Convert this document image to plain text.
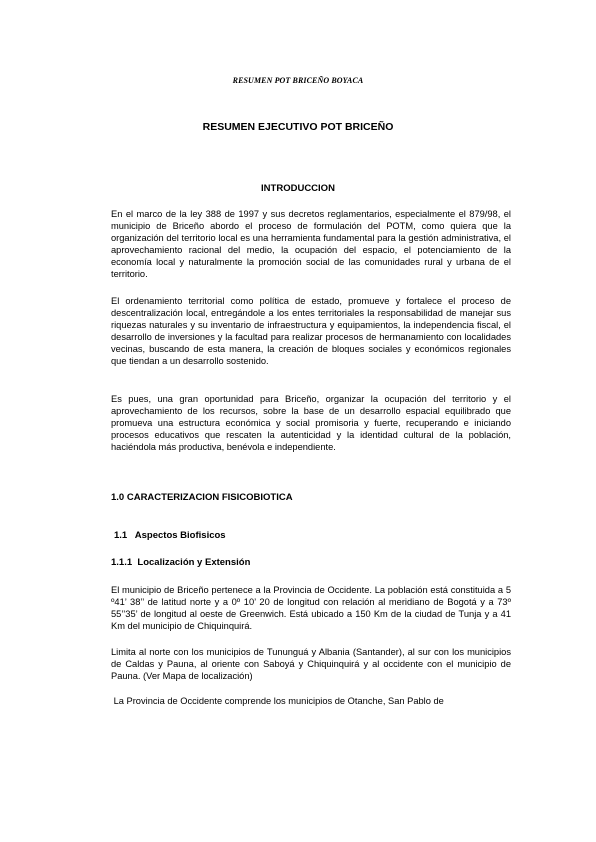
RESUMEN POT BRICEÑO BOYACA
RESUMEN EJECUTIVO POT BRICEÑO
INTRODUCCION

En el marco de la ley 388 de 1997 y sus decretos reglamentarios, especialmente el 879/98, el municipio de Briceño abordo el proceso de formulación del POTM, como quiera que la organización del territorio local es una herramienta fundamental para la gestión administrativa, el aprovechamiento racional del medio, la ocupación del espacio, el potenciamiento de la economía local y naturalmente la promoción social de las comunidades rural y urbana de el territorio.

El ordenamiento territorial como política de estado, promueve y fortalece el proceso de descentralización local, entregándole a los entes territoriales la responsabilidad de manejar sus riquezas naturales y su inventario de infraestructura y equipamientos, la independencia fiscal, el desarrollo de inversiones y la facultad para realizar procesos de hermanamiento con localidades vecinas, buscando de esta manera, la creación de bloques sociales y económicos regionales que tiendan a un desarrollo sostenido.

Es pues, una gran oportunidad para Briceño, organizar la ocupación del territorio y el aprovechamiento de los recursos, sobre la base de un desarrollo espacial equilibrado que promueva una estructura económica y social promisoria y fuerte, recuperando e iniciando procesos educativos que rescaten la autenticidad y la identidad cultural de la población, haciéndola más productiva, benévola e independiente.

1.0 CARACTERIZACION FISICOBIOTICA
1.1   Aspectos Biofisicos
1.1.1  Localización y Extensión

El municipio de Briceño pertenece a la Provincia de Occidente. La población está constituida a 5 º41’ 38’’ de latitud norte y a 0º 10’ 20 de longitud con relación al meridiano de Bogotá y a 73º 55’’35’ de longitud al oeste de Greenwich. Está ubicado a 150 Km de la ciudad de Tunja y a 41 Km del municipio de Chiquinquirá.

Limita al norte con los municipios de Tununguá y Albania (Santander), al sur con los municipios de Caldas y Pauna, al oriente con Saboyá y Chiquinquirá y al occidente con el municipio de Pauna. (Ver Mapa de localización)

La Provincia de Occidente comprende los municipios de Otanche, San Pablo de
